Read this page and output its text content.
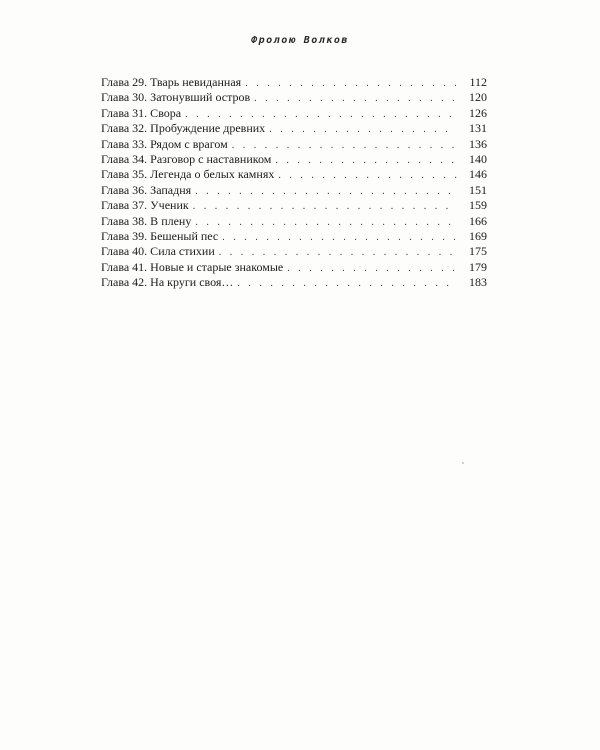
Фролою Волков
Глава 29. Тварь невиданная . . .	112
Глава 30. Затонувший остров . . .	120
Глава 31. Свора . . .	126
Глава 32. Пробуждение древних . . .	131
Глава 33. Рядом с врагом . . .	136
Глава 34. Разговор с наставником . . .	140
Глава 35. Легенда о белых камнях . . .	146
Глава 36. Западня . . .	151
Глава 37. Ученик . . .	159
Глава 38. В плену . . .	166
Глава 39. Бешеный пес . . .	169
Глава 40. Сила стихии . . .	175
Глава 41. Новые и старые знакомые . . .	179
Глава 42. На круги своя… . . .	183
